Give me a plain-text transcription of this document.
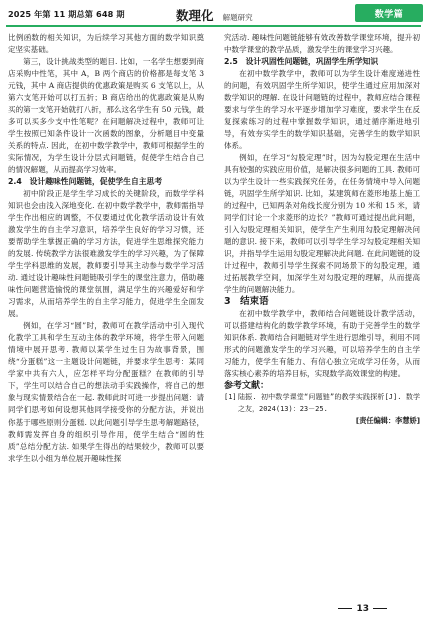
2025 年第 11 期总第 648 期	数理化 解题研究	数学篇

比例函数的相关知识，为后续学习其他方面的数学知识奠定坚实基础。

第三，设计挑战类型的题目. 比如，一名学生想要到商店采购中性笔，其中 A，B 两个商店的价格都是每支笔 3 元钱，其中 A 商店提供的优惠政策是购买 6 支笔以上，从第六支笔开始可以打五折；B 商店给出的优惠政策是从购买的第一支笔开始就打八折，那么这名学生有 50 元钱，最多可以买多少支中性笔呢？在问题解决过程中，教师可让学生按照已知条件设计一次函数的图象，分析题目中变量关系的特点. 因此，在初中数学教学中，教师可根据学生的实际情况，为学生设计分层式问题链，促使学生结合自己的情况解题，从而提高学习效率。

2.4　设计趣味性问题链，促使学生自主思考

初中阶段正是学生学习成长的关键阶段，而数学学科知识也会由浅入深地变化. 在初中数学教学中，教师需指导学生作出相应的调整，不仅要通过优化教学活动设计有效激发学生的自主学习意识，培养学生良好的学习习惯，还要帮助学生掌握正确的学习方法，促进学生思维探究能力的发展. 传统教学方法很难激发学生的学习兴趣，为了保障学生学科思维的发展，教师要引导其主动参与数学学习活动. 通过设计趣味性问题链吸引学生的课堂注意力，借助趣味性问题营造愉悦的课堂氛围，满足学生的兴趣爱好和学习需求，从而培养学生的自主学习能力，促进学生全面发展。

例如，在学习“圆”时，教师可在教学活动中引入现代化教学工具和学生互动主体的教学环境，将学生带入问题情境中展开思考. 教师以某学生过生日为故事背景，围绕“分蛋糕”这一主题设计问题链，并要求学生思考：某同学家中共有六人，应怎样平均分配蛋糕？在教师的引导下，学生可以结合自己的想法动手实践操作，将自己的想象与现实情景结合在一起. 教师此时可进一步提出问题：请同学们思考如何设想其他同学接受你的分配方法，并说出你基于哪些原则分蛋糕. 以此问题引导学生思考解题路径，教师需发挥自身的组织引导作用，使学生结合“圆的性质”总结分配方法. 如果学生得出的结果较少，教师可以要求学生以小组为单位展开趣味性探

究活动. 趣味性问题链能够有效改善数学课堂环境，提升初中数学课堂的教学品质，激发学生的课堂学习兴趣。

2.5　设计巩固性问题链，巩固学生所学知识

在初中数学教学中，教师可以为学生设计难度递进性的问题，有效巩固学生所学知识，使学生通过应用加深对数学知识的理解. 在设计问题链的过程中，教师应结合课程要求与学生的学习水平逐步增加学习难度，要求学生在反复探索练习的过程中掌握数学知识，通过循序渐进地引导，有效夯实学生的数学知识基础，完善学生的数学知识体系。

例如，在学习“勾股定理”时，因为勾股定理在生活中具有较强的实践应用价值，是解决很多问题的工具. 教师可以为学生设计一些实践探究任务，在任务情境中导入问题链，巩固学生所学知识. 比如，某建筑师在菱形地基上施工的过程中，已知两条对角线长度分别为 10 米和 15 米，请同学们讨论一个求菱形的边长？”教师可通过提出此问题，引入勾股定理相关知识，使学生产生利用勾股定理解决问题的意识. 接下来，教师可以引导学生学习勾股定理相关知识，并指导学生运用勾股定理解决此问题. 在此问题链的设计过程中，教师引导学生探索不同场景下的勾股定理，通过拓展教学空间，加深学生对勾股定理的理解，从而提高学生的问题解决能力。

3　结束语

在初中数学教学中，教师结合问题链设计教学活动，可以搭建结构化的数学教学环境，有助于完善学生的数学知识体系. 教师结合问题链对学生进行思维引导，利用不同形式的问题激发学生的学习兴趣，可以培养学生的自主学习能力，使学生有能力、有信心独立完成学习任务，从而落实核心素养的培养目标，实现数学高效课堂的构建。

参考文献：

[1] 陆振. 初中数学课堂“问题链”的教学实践探析[J]. 数学之友，2024(13)：23－25.

[责任编辑：李慧娇]

13
